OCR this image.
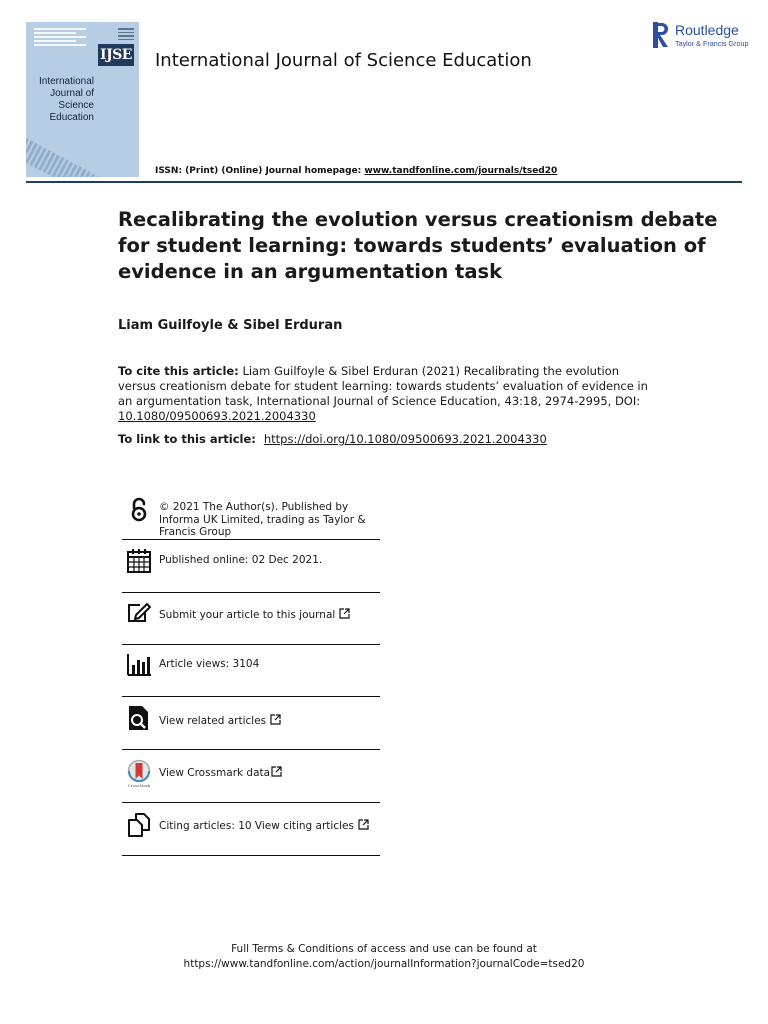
IJSE
International
Journal of
Science
Education
International Journal of Science Education
Routledge
Taylor & Francis Group
ISSN: (Print) (Online) Journal homepage: www.tandfonline.com/journals/tsed20
Recalibrating the evolution versus creationism debate for student learning: towards students’ evaluation of evidence in an argumentation task
Liam Guilfoyle & Sibel Erduran
To cite this article: Liam Guilfoyle & Sibel Erduran (2021) Recalibrating the evolution versus creationism debate for student learning: towards students’ evaluation of evidence in an argumentation task, International Journal of Science Education, 43:18, 2974-2995, DOI: 10.1080/09500693.2021.2004330
To link to this article: https://doi.org/10.1080/09500693.2021.2004330
© 2021 The Author(s). Published by Informa UK Limited, trading as Taylor & Francis Group
Published online: 02 Dec 2021.
Submit your article to this journal
Article views: 3104
View related articles
CrossMark
View Crossmark data
Citing articles: 10 View citing articles
Full Terms & Conditions of access and use can be found at
https://www.tandfonline.com/action/journalInformation?journalCode=tsed20
